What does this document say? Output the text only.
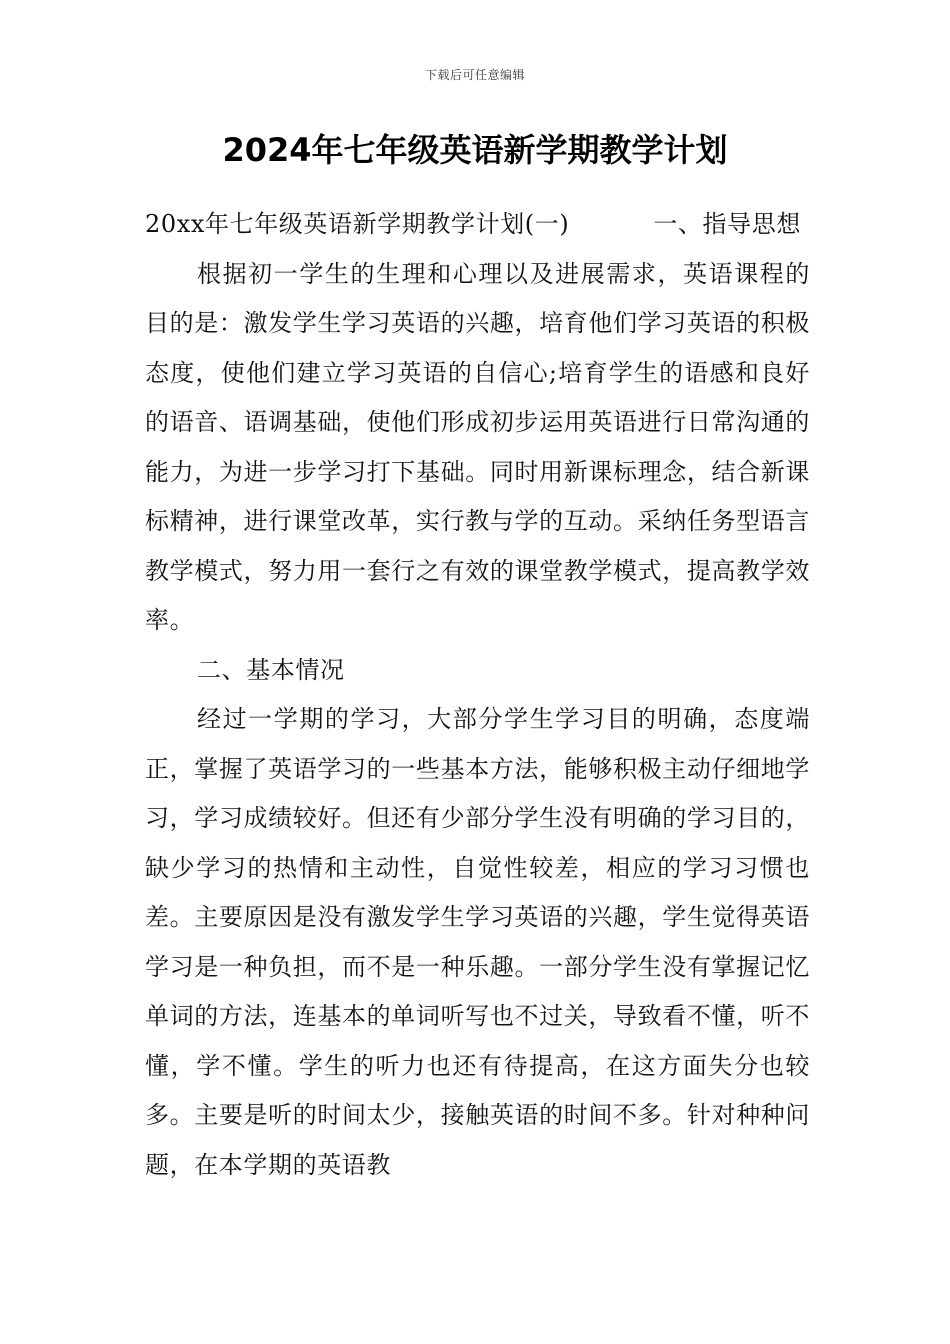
下载后可任意编辑
2024年七年级英语新学期教学计划

20xx年七年级英语新学期教学计划(一)	一、指导思想

根据初一学生的生理和心理以及进展需求，英语课程的目的是：激发学生学习英语的兴趣，培育他们学习英语的积极态度，使他们建立学习英语的自信心;培育学生的语感和良好的语音、语调基础，使他们形成初步运用英语进行日常沟通的能力，为进一步学习打下基础。同时用新课标理念，结合新课标精神，进行课堂改革，实行教与学的互动。采纳任务型语言教学模式，努力用一套行之有效的课堂教学模式，提高教学效率。

二、基本情况

经过一学期的学习，大部分学生学习目的明确，态度端正，掌握了英语学习的一些基本方法，能够积极主动仔细地学习，学习成绩较好。但还有少部分学生没有明确的学习目的，缺少学习的热情和主动性，自觉性较差，相应的学习习惯也差。主要原因是没有激发学生学习英语的兴趣，学生觉得英语学习是一种负担，而不是一种乐趣。一部分学生没有掌握记忆单词的方法，连基本的单词听写也不过关，导致看不懂，听不懂，学不懂。学生的听力也还有待提高，在这方面失分也较多。主要是听的时间太少，接触英语的时间不多。针对种种问题，在本学期的英语教
